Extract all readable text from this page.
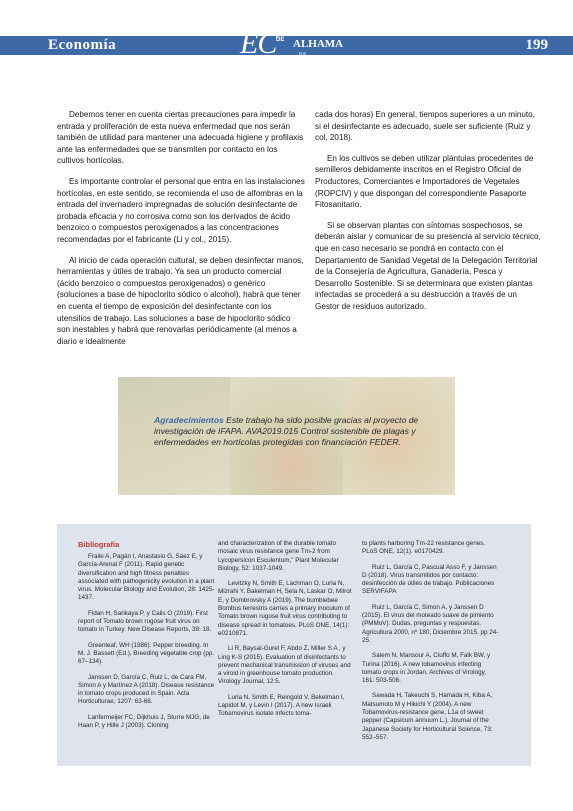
Economía	199
EC DE ALHAMA
DE ALMERÍA

Debemos tener en cuenta ciertas precauciones para impedir la entrada y proliferación de esta nueva enfermedad que nos serán también de utilidad para mantener una adecuada higiene y profilaxis ante las enfermedades que se transmiten por contacto en los cultivos hortícolas.

Es importante controlar el personal que entra en las instalaciones hortícolas, en este sentido, se recomienda el uso de alfombras en la entrada del invernadero impregnadas de solución desinfectante de probada eficacia y no corrosiva como son los derivados de ácido benzoico o compuestos peroxigenados a las concentraciones recomendadas por el fabricante (Li y col., 2015).

Al inicio de cada operación cultural, se deben desinfectar manos, herramientas y útiles de trabajo. Ya sea un producto comercial (ácido benzoico o compuestos peroxigenados) o genérico (soluciones a base de hipoclorito sódico o alcohol), habrá que tener en cuenta el tiempo de exposición del desinfectante con los utensilios de trabajo. Las soluciones a base de hipoclorito sódico son inestables y habrá que renovarlas periódicamente (al menos a diario e idealmente

cada dos horas) En general, tiempos superiores a un minuto, si el desinfectante es adecuado, suele ser suficiente (Ruiz y col, 2018).

En los cultivos se deben utilizar plántulas procedentes de semilleros debidamente inscritos en el Registro Oficial de Productores, Comerciantes e Importadores de Vegetales (ROPCIV) y que dispongan del correspondiente Pasaporte Fitosanitario.

Si se observan plantas con síntomas sospechosos, se deberán aislar y comunicar de su presencia al servicio técnico, que en caso necesario se pondrá en contacto con el Departamento de Sanidad Vegetal de la Delegación Territorial de la Consejería de Agricultura, Ganadería, Pesca y Desarrollo Sostenible. Si se determinara que existen plantas infectadas se procederá a su destrucción a través de un Gestor de residuos autorizado.

Agradecimientos Este trabajo ha sido posible gracias al proyecto de investigación de IFAPA. AVA2019.015 Control sostenible de plagas y enfermedades en hortícolas protegidas con financiación FEDER.
Bibliografía

Fraile A, Pagán I, Anastasio G, Sáez E, y García-Arenal F (2011). Rapid genetic diversification and high fitness penalties associated with pathogenicity evolution in a plant virus. Molecular Biology and Evolution, 28: 1425-1437.

Fidan H, Sarikaya P, y Calis O (2019). First report of Tomato brown rugose fruit virus on tomato in Turkey. New Disease Reports, 39: 18.

Greenleaf, WH (1986). Pepper breeding. In M. J. Bassett (Ed.), Breeding vegetable crop (pp. 67–134).

Janssen D, García C, Ruiz L, de Cara FM, Simon A y Martínez A (2018). Disease resistance in tomato crops produced in Spain. Acta Horticulturae, 1207: 63-68.

Lanfermeijer FC, Dijkhuis J, Sturre MJG, de Haan P, y Hille J (2003). Cloning

and characterization of the durable tomato mosaic virus resistance gene Tm-2 from Lycopersicon Esculentum," Plant Molecular Biology, 52: 1037-1049.

Levitzky N, Smith E, Lachman O, Luria N, Mizrahi Y, Bakelman H, Sela N, Laskar O, Milrot E, y Dombrovsky A (2019). The bumblebee Bombus terrestris carries a primary inoculum of Tomato brown rugose fruit virus contributing to disease spread in tomatoes. PLoS ONE, 14(1): e0210871.

Li R, Baysal-Gurel F, Abdo Z, Miller S A , y Ling K-S (2015). Evaluation of disinfectants to prevent mechanical transmission of viruses and a viroid in greenhouse tomato production. Virology Journal, 12:5.

Luria N, Smith E, Reingold V, Bekelman I, Lapidot M, y Levin I (2017). A new Israeli Tobamovirus isolate infects toma-

to plants harboring Tm-22 resistance genes. PLoS ONE, 12(1). e0170429.

Ruiz L, García C, Pascual Asso F, y Janssen D (2018). Virus transmitidos por contacto: desinfección de útiles de trabajo. Publicaciones SERVIFAPA

Ruiz L, García C, Simon A, y Janssen D (2015). El virus del moteado suave de pimiento (PMMoV): Dudas, preguntas y respuestas. Agricultura 2000, nº 180, Diciembre 2015. pp 24-25.

Salem N, Mansour A, Ciuffo M, Falk BW, y Turina (2016). A new tobamovirus infecting tomato crops in Jordan. Archives of Virology, 161: 503-506.

Sawada H, Takeuchi S, Hamada H, Kiba A, Matsumoto M y Hikichi Y (2004). A new Tobamovirus-resistance gene, L1a of sweet pepper (Capsicum annuum L.). Journal of the Japanese Society for Horticultural Science, 73: 552–557.
